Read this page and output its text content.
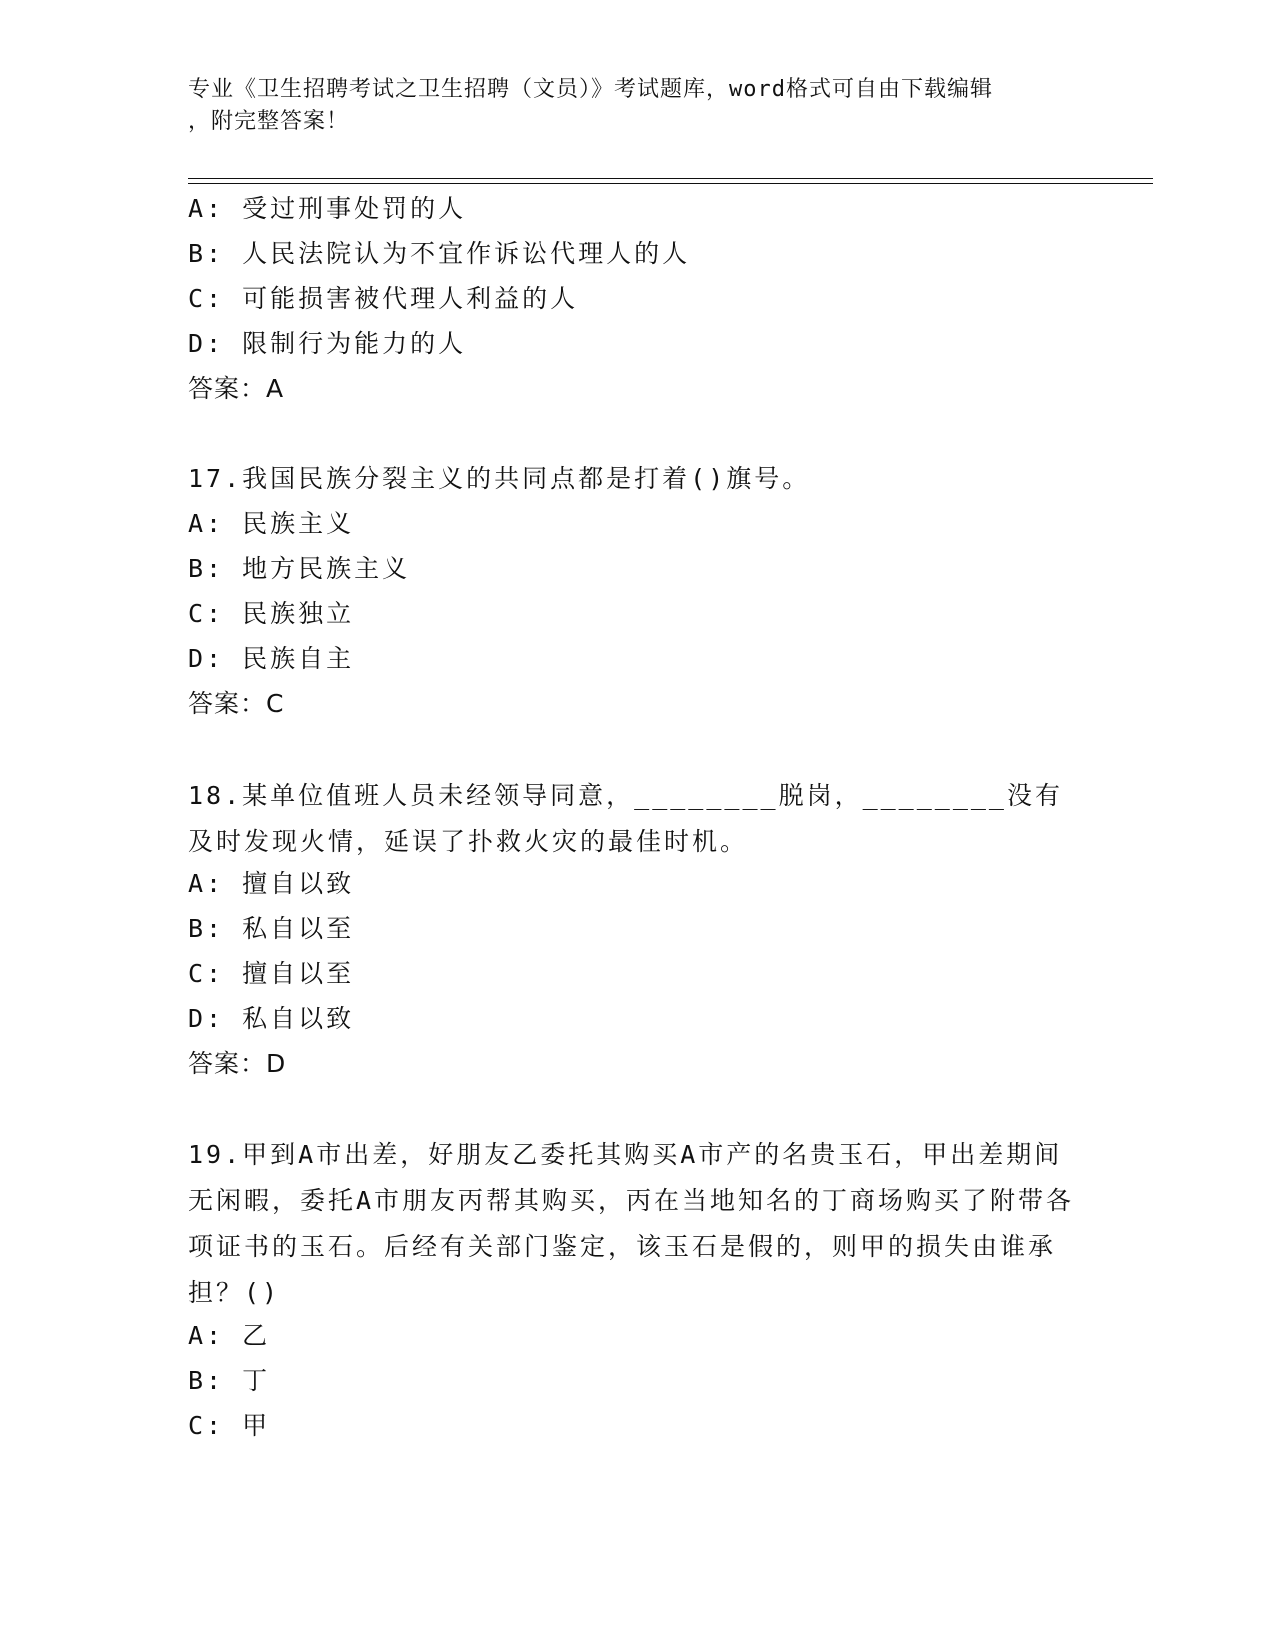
专业《卫生招聘考试之卫生招聘（文员）》考试题库，word格式可自由下载编辑
，附完整答案！
A: 受过刑事处罚的人
B: 人民法院认为不宜作诉讼代理人的人
C: 可能损害被代理人利益的人
D: 限制行为能力的人
答案：A
17.我国民族分裂主义的共同点都是打着()旗号。
A: 民族主义
B: 地方民族主义
C: 民族独立
D: 民族自主
答案：C
18.某单位值班人员未经领导同意，________脱岗，________没有及时发现火情，延误了扑救火灾的最佳时机。
A: 擅自以致
B: 私自以至
C: 擅自以至
D: 私自以致
答案：D
19.甲到A市出差，好朋友乙委托其购买A市产的名贵玉石，甲出差期间无闲暇，委托A市朋友丙帮其购买，丙在当地知名的丁商场购买了附带各项证书的玉石。后经有关部门鉴定，该玉石是假的，则甲的损失由谁承担？()
A: 乙
B: 丁
C: 甲
